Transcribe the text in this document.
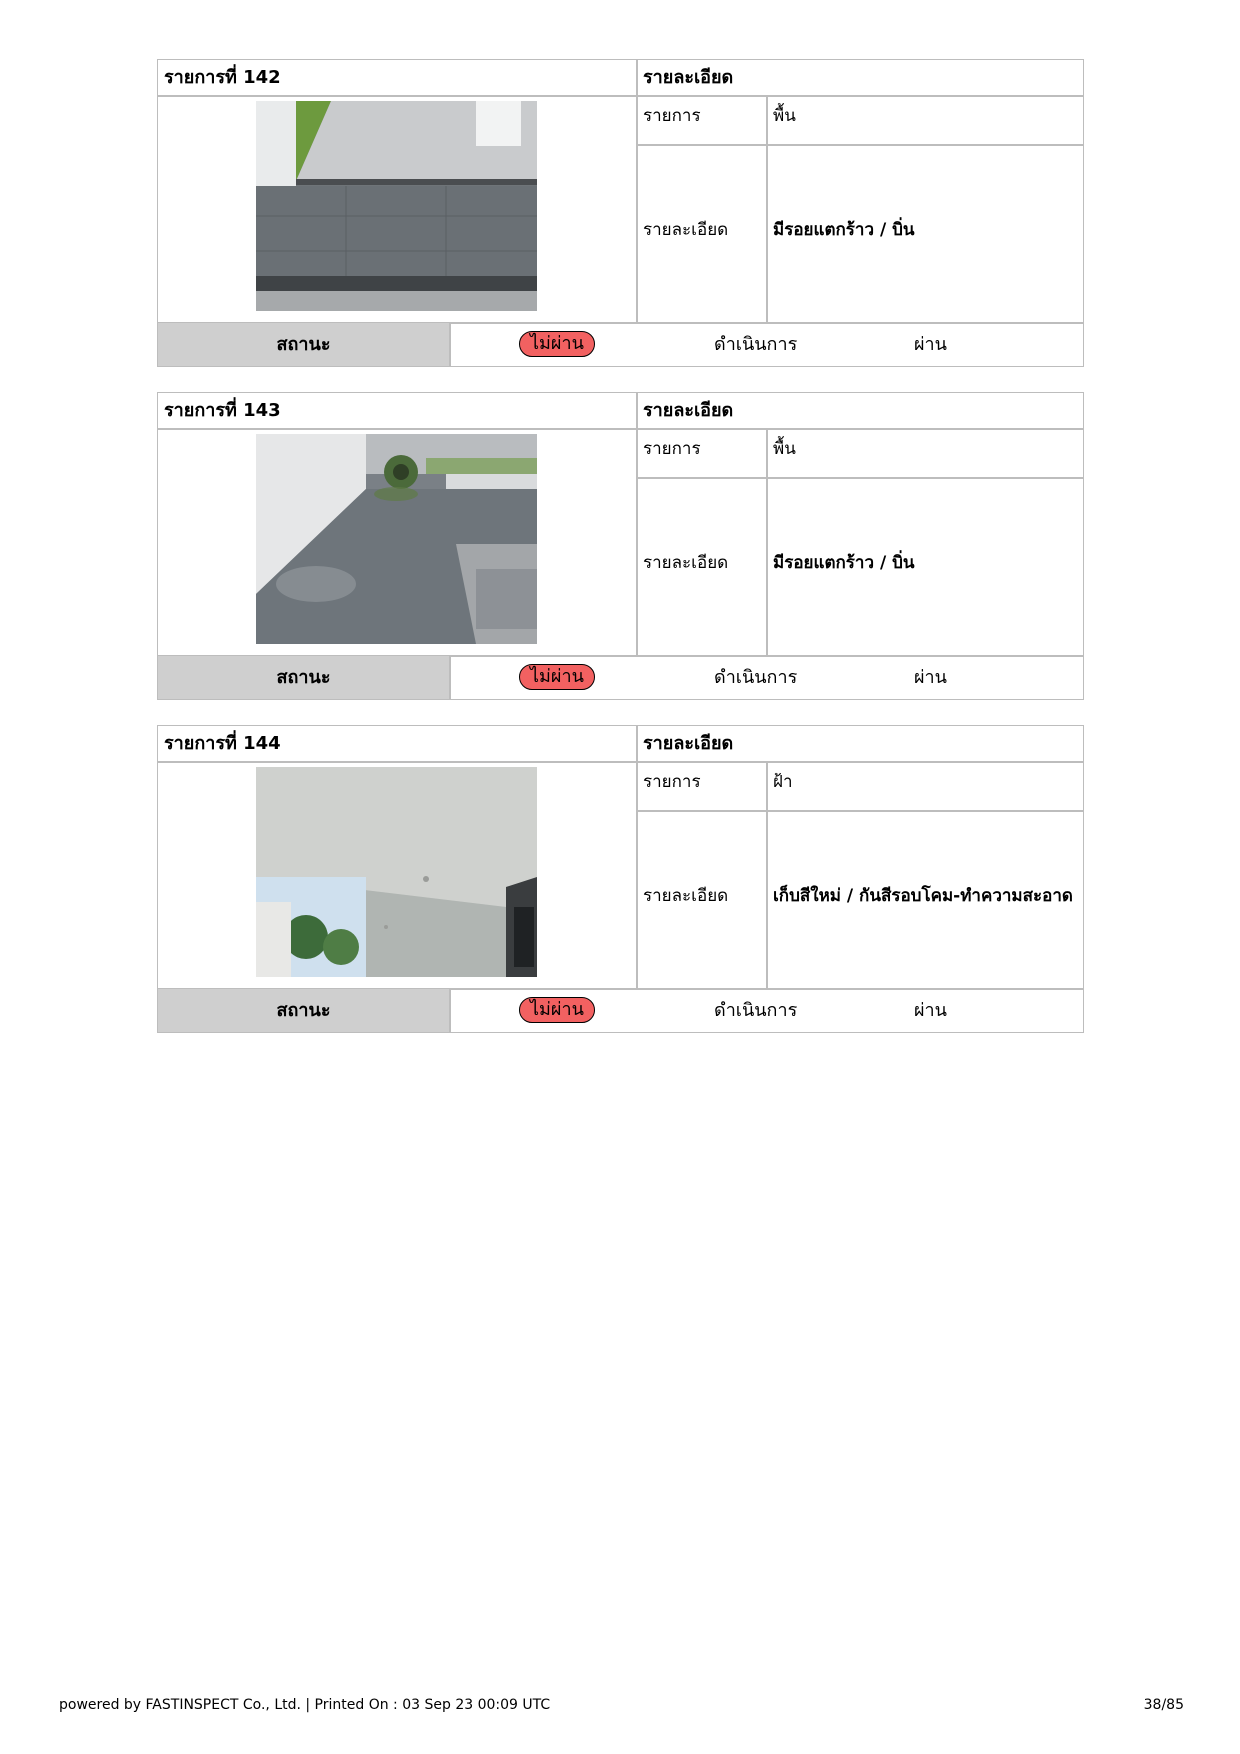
รายการที่ 142	รายละเอียด
รายการ	พื้น
รายละเอียด	มีรอยแตกร้าว / บิ่น
สถานะ	ไม่ผ่าน	ดำเนินการ	ผ่าน
รายการที่ 143	รายละเอียด
รายการ	พื้น
รายละเอียด	มีรอยแตกร้าว / บิ่น
สถานะ	ไม่ผ่าน	ดำเนินการ	ผ่าน
รายการที่ 144	รายละเอียด
รายการ	ฝ้า
รายละเอียด	เก็บสีใหม่ / กันสีรอบโคม-ทำความสะอาด
สถานะ	ไม่ผ่าน	ดำเนินการ	ผ่าน
powered by FASTINSPECT Co., Ltd. | Printed On : 03 Sep 23 00:09 UTC	38/85
